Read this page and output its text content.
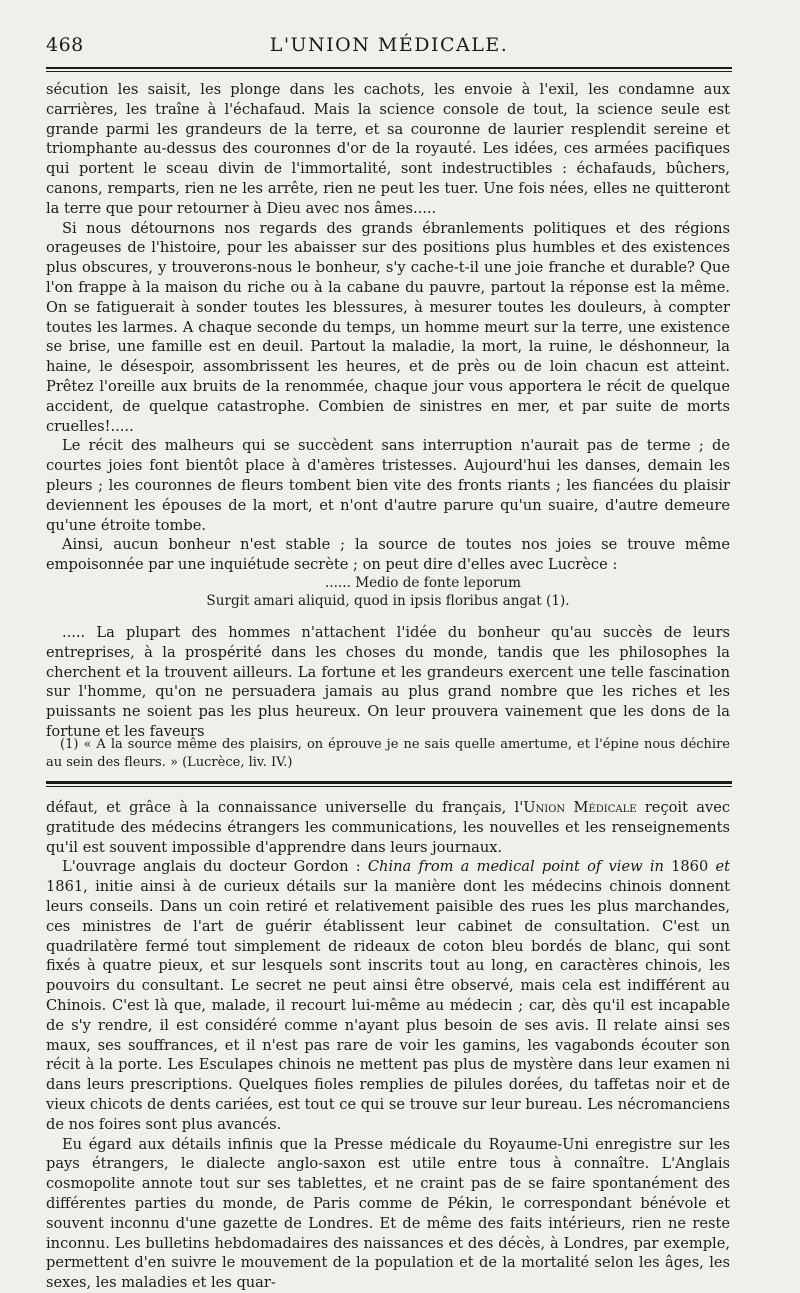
468	L'UNION MÉDICALE.

sécution les saisit, les plonge dans les cachots, les envoie à l'exil, les condamne aux carrières, les traîne à l'échafaud. Mais la science console de tout, la science seule est grande parmi les grandeurs de la terre, et sa couronne de laurier resplendit sereine et triomphante au-dessus des couronnes d'or de la royauté. Les idées, ces armées pacifiques qui portent le sceau divin de l'immortalité, sont indestructibles : échafauds, bûchers, canons, remparts, rien ne les arrête, rien ne peut les tuer. Une fois nées, elles ne quitteront la terre que pour retourner à Dieu avec nos âmes.....

Si nous détournons nos regards des grands ébranlements politiques et des régions orageuses de l'histoire, pour les abaisser sur des positions plus humbles et des existences plus obscures, y trouverons-nous le bonheur, s'y cache-t-il une joie franche et durable? Que l'on frappe à la maison du riche ou à la cabane du pauvre, partout la réponse est la même. On se fatiguerait à sonder toutes les blessures, à mesurer toutes les douleurs, à compter toutes les larmes. A chaque seconde du temps, un homme meurt sur la terre, une existence se brise, une famille est en deuil. Partout la maladie, la mort, la ruine, le déshonneur, la haine, le désespoir, assombrissent les heures, et de près ou de loin chacun est atteint. Prêtez l'oreille aux bruits de la renommée, chaque jour vous apportera le récit de quelque accident, de quelque catastrophe. Combien de sinistres en mer, et par suite de morts cruelles!.....

Le récit des malheurs qui se succèdent sans interruption n'aurait pas de terme ; de courtes joies font bientôt place à d'amères tristesses. Aujourd'hui les danses, demain les pleurs ; les couronnes de fleurs tombent bien vite des fronts riants ; les fiancées du plaisir deviennent les épouses de la mort, et n'ont d'autre parure qu'un suaire, d'autre demeure qu'une étroite tombe.

Ainsi, aucun bonheur n'est stable ; la source de toutes nos joies se trouve même empoisonnée par une inquiétude secrète ; on peut dire d'elles avec Lucrèce :

...... Medio de fonte leporum
Surgit amari aliquid, quod in ipsis floribus angat (1).

..... La plupart des hommes n'attachent l'idée du bonheur qu'au succès de leurs entreprises, à la prospérité dans les choses du monde, tandis que les philosophes la cherchent et la trouvent ailleurs. La fortune et les grandeurs exercent une telle fascination sur l'homme, qu'on ne persuadera jamais au plus grand nombre que les riches et les puissants ne soient pas les plus heureux. On leur prouvera vainement que les dons de la fortune et les faveurs

(1) « A la source même des plaisirs, on éprouve je ne sais quelle amertume, et l'épine nous déchire au sein des fleurs. » (Lucrèce, liv. IV.)

défaut, et grâce à la connaissance universelle du français, l'Union Médicale reçoit avec gratitude des médecins étrangers les communications, les nouvelles et les renseignements qu'il est souvent impossible d'apprendre dans leurs journaux.

L'ouvrage anglais du docteur Gordon : China from a medical point of view in 1860 et 1861, initie ainsi à de curieux détails sur la manière dont les médecins chinois donnent leurs conseils. Dans un coin retiré et relativement paisible des rues les plus marchandes, ces ministres de l'art de guérir établissent leur cabinet de consultation. C'est un quadrilatère fermé tout simplement de rideaux de coton bleu bordés de blanc, qui sont fixés à quatre pieux, et sur lesquels sont inscrits tout au long, en caractères chinois, les pouvoirs du consultant. Le secret ne peut ainsi être observé, mais cela est indifférent au Chinois. C'est là que, malade, il recourt lui-même au médecin ; car, dès qu'il est incapable de s'y rendre, il est considéré comme n'ayant plus besoin de ses avis. Il relate ainsi ses maux, ses souffrances, et il n'est pas rare de voir les gamins, les vagabonds écouter son récit à la porte. Les Esculapes chinois ne mettent pas plus de mystère dans leur examen ni dans leurs prescriptions. Quelques fioles remplies de pilules dorées, du taffetas noir et de vieux chicots de dents cariées, est tout ce qui se trouve sur leur bureau. Les nécromanciens de nos foires sont plus avancés.

Eu égard aux détails infinis que la Presse médicale du Royaume-Uni enregistre sur les pays étrangers, le dialecte anglo-saxon est utile entre tous à connaître. L'Anglais cosmopolite annote tout sur ses tablettes, et ne craint pas de se faire spontanément des différentes parties du monde, de Paris comme de Pékin, le correspondant bénévole et souvent inconnu d'une gazette de Londres. Et de même des faits intérieurs, rien ne reste inconnu. Les bulletins hebdomadaires des naissances et des décès, à Londres, par exemple, permettent d'en suivre le mouvement de la population et de la mortalité selon les âges, les sexes, les maladies et les quar-
